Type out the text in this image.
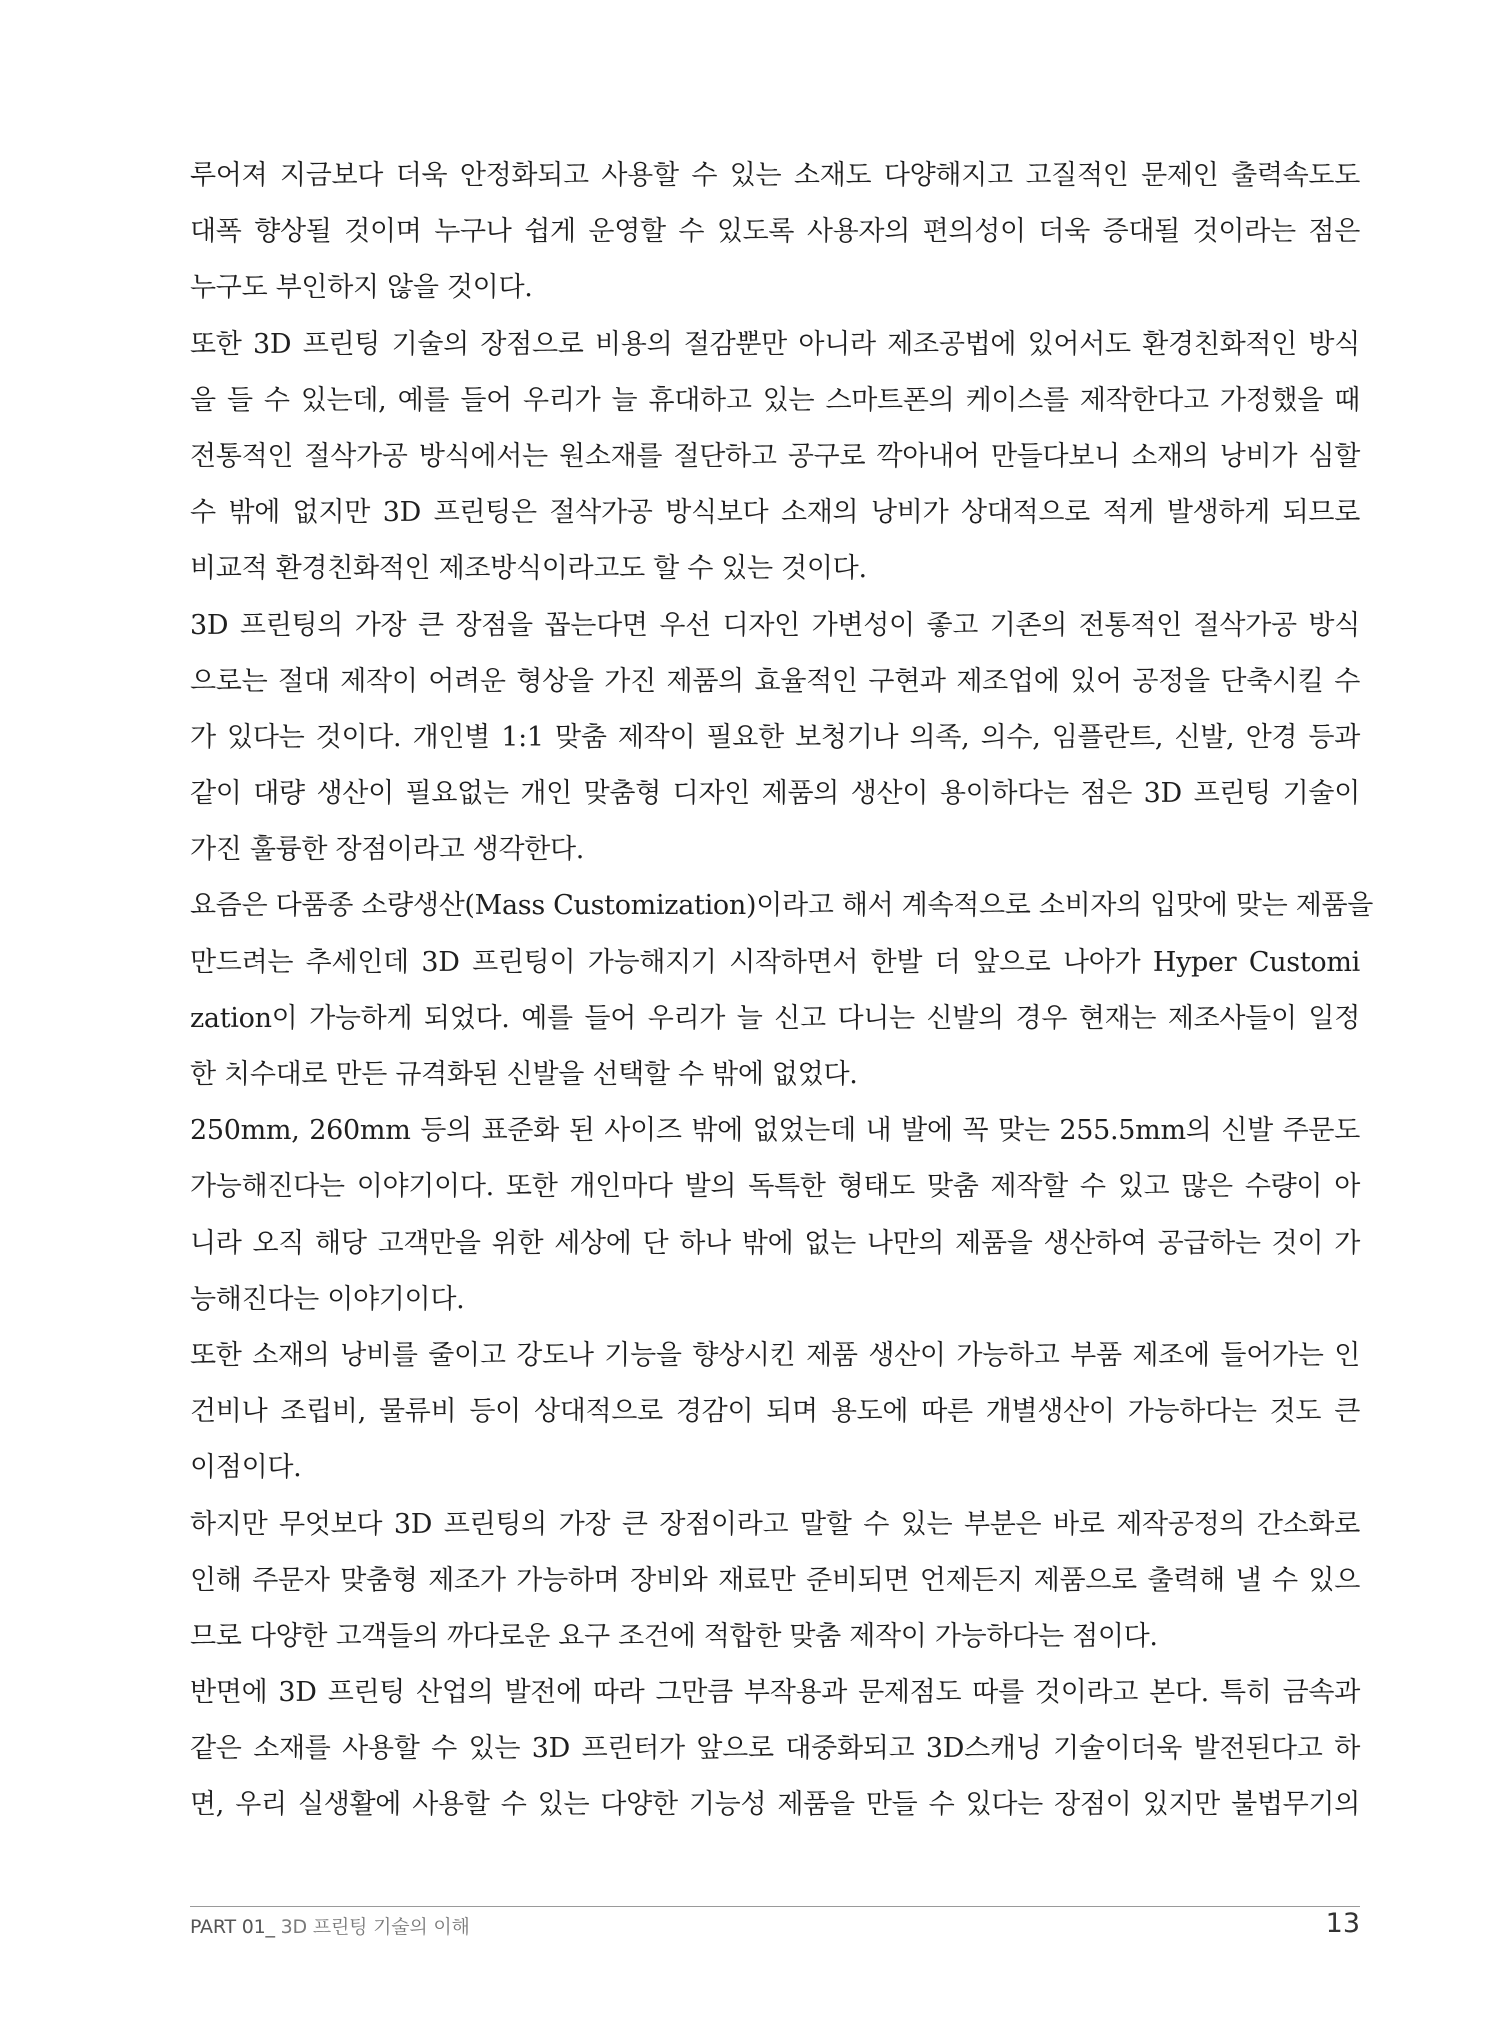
루어져 지금보다 더욱 안정화되고 사용할 수 있는 소재도 다양해지고 고질적인 문제인 출력속도도
대폭 향상될 것이며 누구나 쉽게 운영할 수 있도록 사용자의 편의성이 더욱 증대될 것이라는 점은
누구도 부인하지 않을 것이다.
또한 3D 프린팅 기술의 장점으로 비용의 절감뿐만 아니라 제조공법에 있어서도 환경친화적인 방식
을 들 수 있는데, 예를 들어 우리가 늘 휴대하고 있는 스마트폰의 케이스를 제작한다고 가정했을 때
전통적인 절삭가공 방식에서는 원소재를 절단하고 공구로 깍아내어 만들다보니 소재의 낭비가 심할
수 밖에 없지만 3D 프린팅은 절삭가공 방식보다 소재의 낭비가 상대적으로 적게 발생하게 되므로
비교적 환경친화적인 제조방식이라고도 할 수 있는 것이다.
3D 프린팅의 가장 큰 장점을 꼽는다면 우선 디자인 가변성이 좋고 기존의 전통적인 절삭가공 방식
으로는 절대 제작이 어려운 형상을 가진 제품의 효율적인 구현과 제조업에 있어 공정을 단축시킬 수
가 있다는 것이다. 개인별 1:1 맞춤 제작이 필요한 보청기나 의족, 의수, 임플란트, 신발, 안경 등과
같이 대량 생산이 필요없는 개인 맞춤형 디자인 제품의 생산이 용이하다는 점은 3D 프린팅 기술이
가진 훌륭한 장점이라고 생각한다.
요즘은 다품종 소량생산(Mass Customization)이라고 해서 계속적으로 소비자의 입맛에 맞는 제품을
만드려는 추세인데 3D 프린팅이 가능해지기 시작하면서 한발 더 앞으로 나아가 Hyper Customi
zation이 가능하게 되었다. 예를 들어 우리가 늘 신고 다니는 신발의 경우 현재는 제조사들이 일정
한 치수대로 만든 규격화된 신발을 선택할 수 밖에 없었다.
250mm, 260mm 등의 표준화 된 사이즈 밖에 없었는데 내 발에 꼭 맞는 255.5mm의 신발 주문도
가능해진다는 이야기이다. 또한 개인마다 발의 독특한 형태도 맞춤 제작할 수 있고 많은 수량이 아
니라 오직 해당 고객만을 위한 세상에 단 하나 밖에 없는 나만의 제품을 생산하여 공급하는 것이 가
능해진다는 이야기이다.
또한 소재의 낭비를 줄이고 강도나 기능을 향상시킨 제품 생산이 가능하고 부품 제조에 들어가는 인
건비나 조립비, 물류비 등이 상대적으로 경감이 되며 용도에 따른 개별생산이 가능하다는 것도 큰
이점이다.
하지만 무엇보다 3D 프린팅의 가장 큰 장점이라고 말할 수 있는 부분은 바로 제작공정의 간소화로
인해 주문자 맞춤형 제조가 가능하며 장비와 재료만 준비되면 언제든지 제품으로 출력해 낼 수 있으
므로 다양한 고객들의 까다로운 요구 조건에 적합한 맞춤 제작이 가능하다는 점이다.
반면에 3D 프린팅 산업의 발전에 따라 그만큼 부작용과 문제점도 따를 것이라고 본다. 특히 금속과
같은 소재를 사용할 수 있는 3D 프린터가 앞으로 대중화되고 3D스캐닝 기술이더욱 발전된다고 하
면, 우리 실생활에 사용할 수 있는 다양한 기능성 제품을 만들 수 있다는 장점이 있지만 불법무기의
PART 01_ 3D 프린팅 기술의 이해	13
